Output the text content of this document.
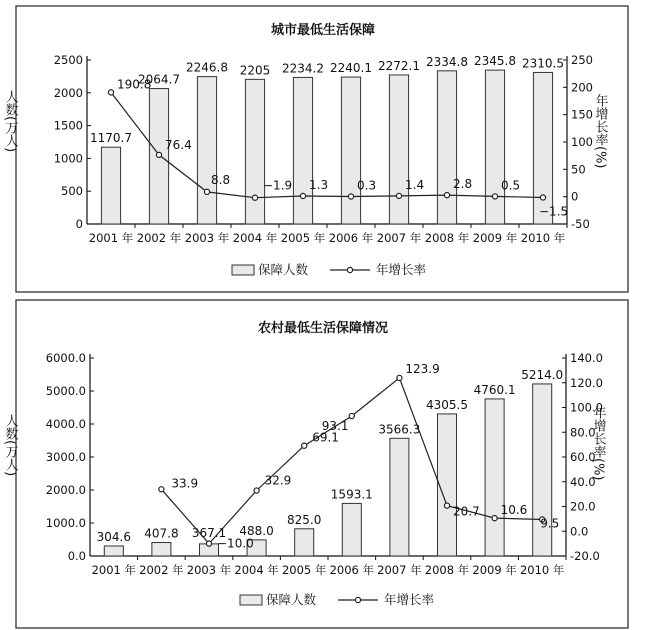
城市最低生活保障
0
500
1000
1500
2000
2500
-50
0
50
100
150
200
250
人数(万人)	年增长率(%)
2001 年
1170.7
2002 年
2064.7
2003 年
2246.8
2004 年
2205
2005 年
2234.2
2006 年
2240.1
2007 年
2272.1
2008 年
2334.8
2009 年
2345.8
2010 年
2310.5
190.8
76.4
8.8	−1.9 1.3 0.3 1.4 2.8 0.5
−1.5
保障人数	年增长率
农村最低生活保障情况
0.0
1000.0
2000.0
3000.0
4000.0
5000.0
6000.0
-20.0
0.0
20.0
40.0
60.0
80.0
100.0
120.0
140.0
人数(万人)	年增长率(%)
2001 年
304.6
2002 年
407.8
2003 年
367.1
2004 年
488.0
2005 年
825.0
2006 年
1593.1
2007 年
3566.3
2008 年
4305.5
2009 年
4760.1
2010 年
5214.0
33.9
−10.0
32.9
69.1
93.1
123.9
20.7 10.6
9.5
保障人数	年增长率
